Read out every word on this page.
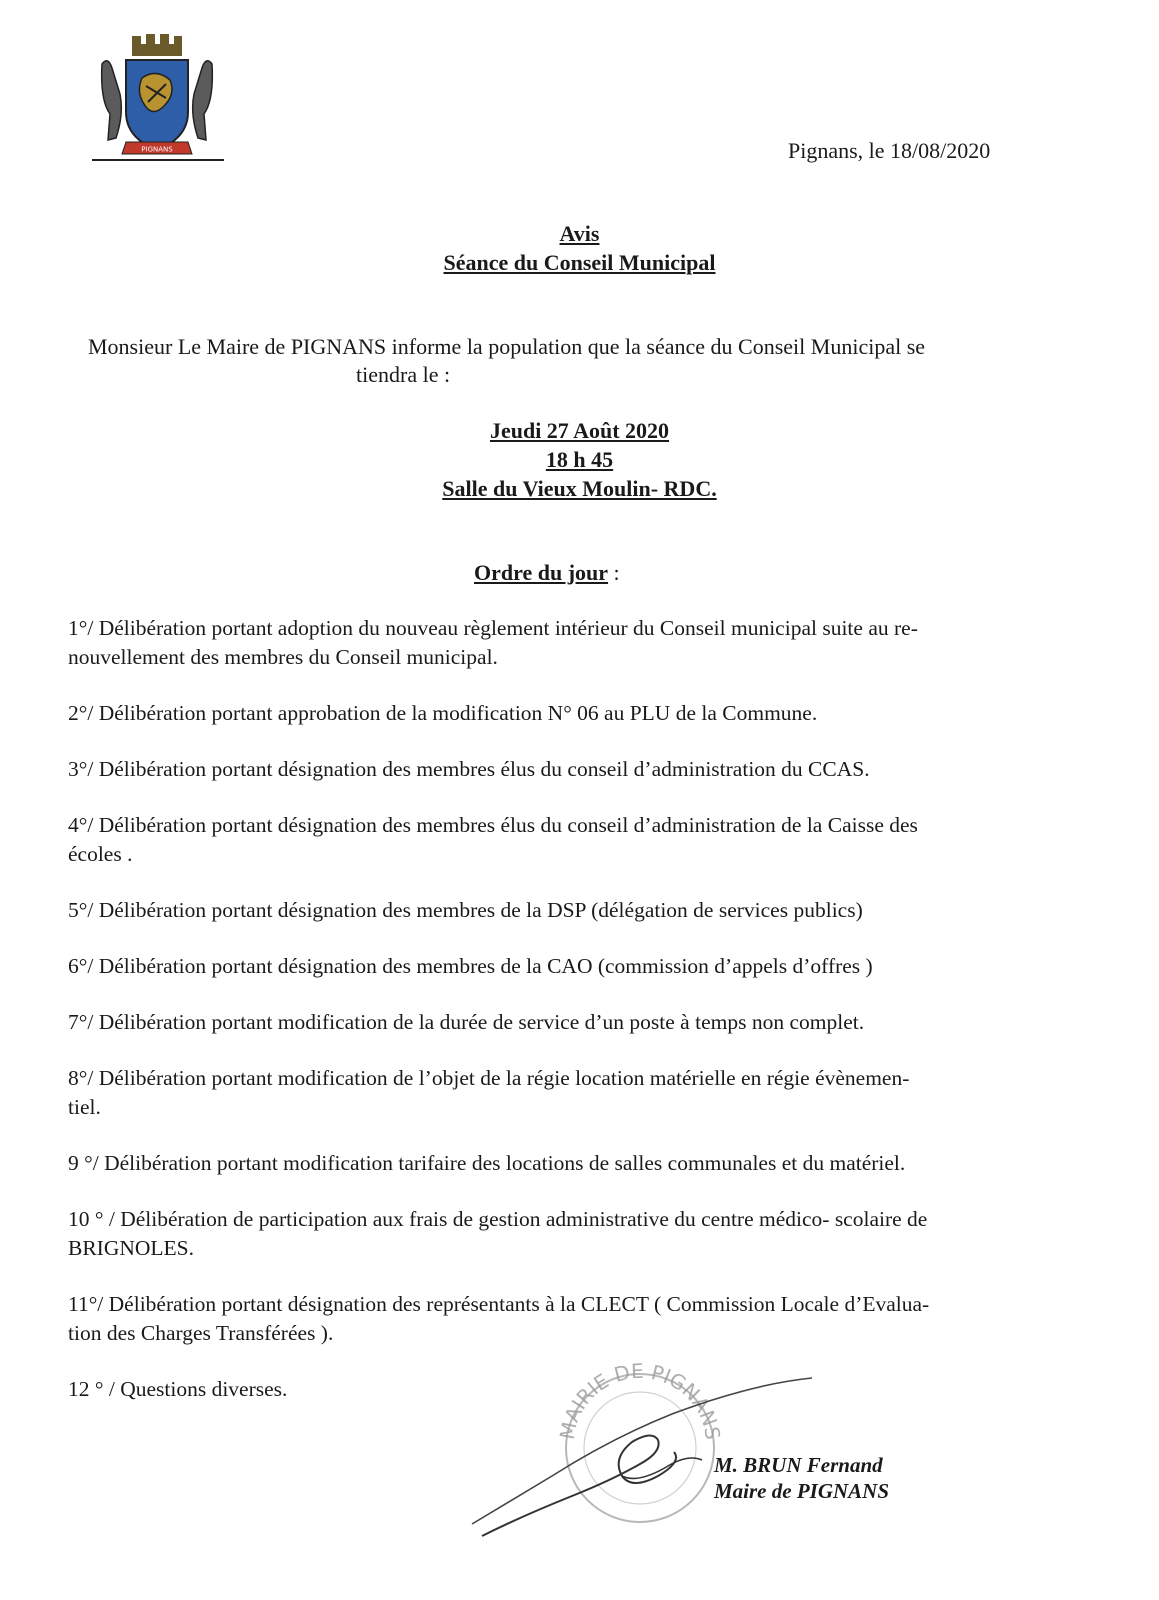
PIGNANS	Pignans, le 18/08/2020
Avis
Séance du Conseil Municipal
Monsieur Le Maire de PIGNANS informe la population que la séance du Conseil Municipal se
tiendra le :
Jeudi 27 Août 2020
18 h 45
Salle du Vieux Moulin- RDC.
Ordre du jour :
1°/ Délibération portant adoption du nouveau règlement intérieur du Conseil municipal suite au re-
nouvellement des membres du Conseil municipal.
2°/ Délibération portant approbation de la modification N° 06 au PLU de la Commune.
3°/ Délibération portant désignation des membres élus du conseil d’administration du CCAS.
4°/ Délibération portant désignation des membres élus du conseil d’administration de la Caisse des
écoles .
5°/ Délibération portant désignation des membres de la DSP (délégation de services publics)
6°/ Délibération portant désignation des membres de la CAO (commission d’appels d’offres )
7°/ Délibération portant modification de la durée de service d’un poste à temps non complet.
8°/ Délibération portant modification de l’objet de la régie location matérielle en régie évènemen-
tiel.
9 °/ Délibération portant modification tarifaire des locations de salles communales et du matériel.
10 ° / Délibération de participation aux frais de gestion administrative du centre médico- scolaire de
BRIGNOLES.
11°/ Délibération portant désignation des représentants à la CLECT ( Commission Locale d’Evalua-
tion des Charges Transférées ).
12 ° / Questions diverses.
MAIRIE DE PIGNANS
M. BRUN Fernand
Maire de PIGNANS
